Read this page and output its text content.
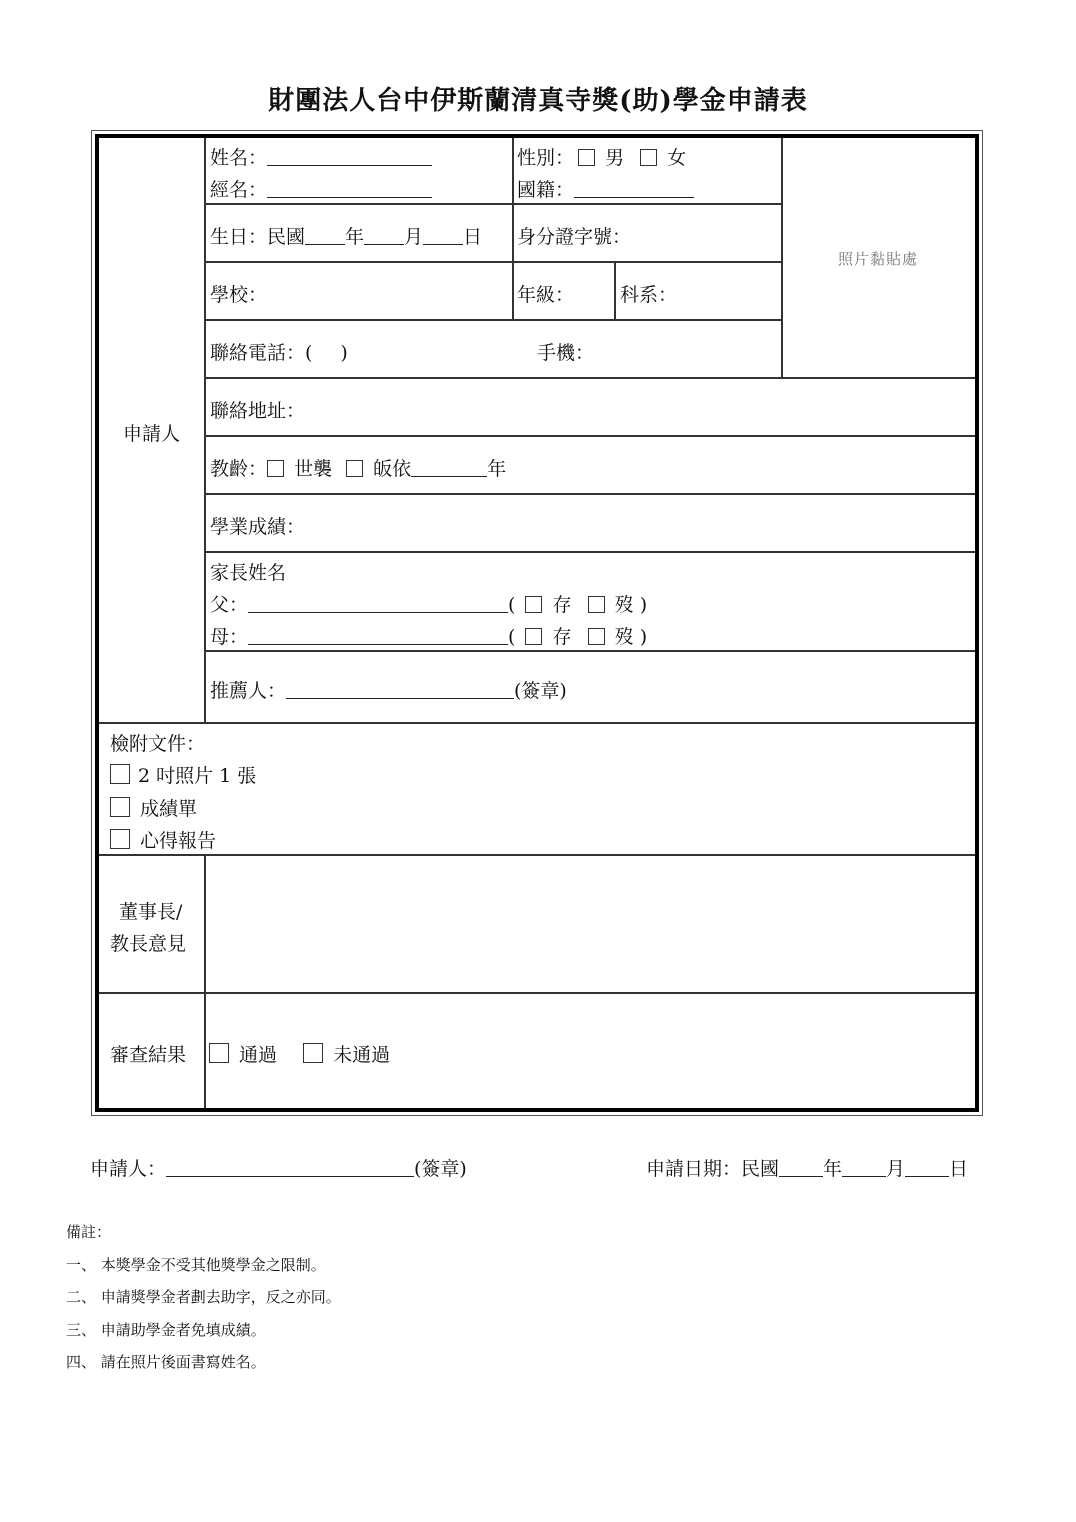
財團法人台中伊斯蘭清真寺獎(助)學金申請表
申請人
姓名：
經名：
性別： 男 女
國籍：
生日：民國 年 月 日 身分證字號：
照片黏貼處
學校：	年級： 科系：
聯絡電話：( )	手機：
聯絡地址：
教齡： 世襲 皈依	年
學業成績：
家長姓名
父：	( 存 歿 )
母：	( 存 歿 )
推薦人：	(簽章)
檢附文件：
2 吋照片 1 張
成績單
心得報告
董事長/
教長意見
審查結果	通過	未通過
申請人：	(簽章)	申請日期：民國 年 月 日
備註：
一、 本獎學金不受其他獎學金之限制。
二、 申請獎學金者劃去助字，反之亦同。
三、 申請助學金者免填成績。
四、 請在照片後面書寫姓名。
